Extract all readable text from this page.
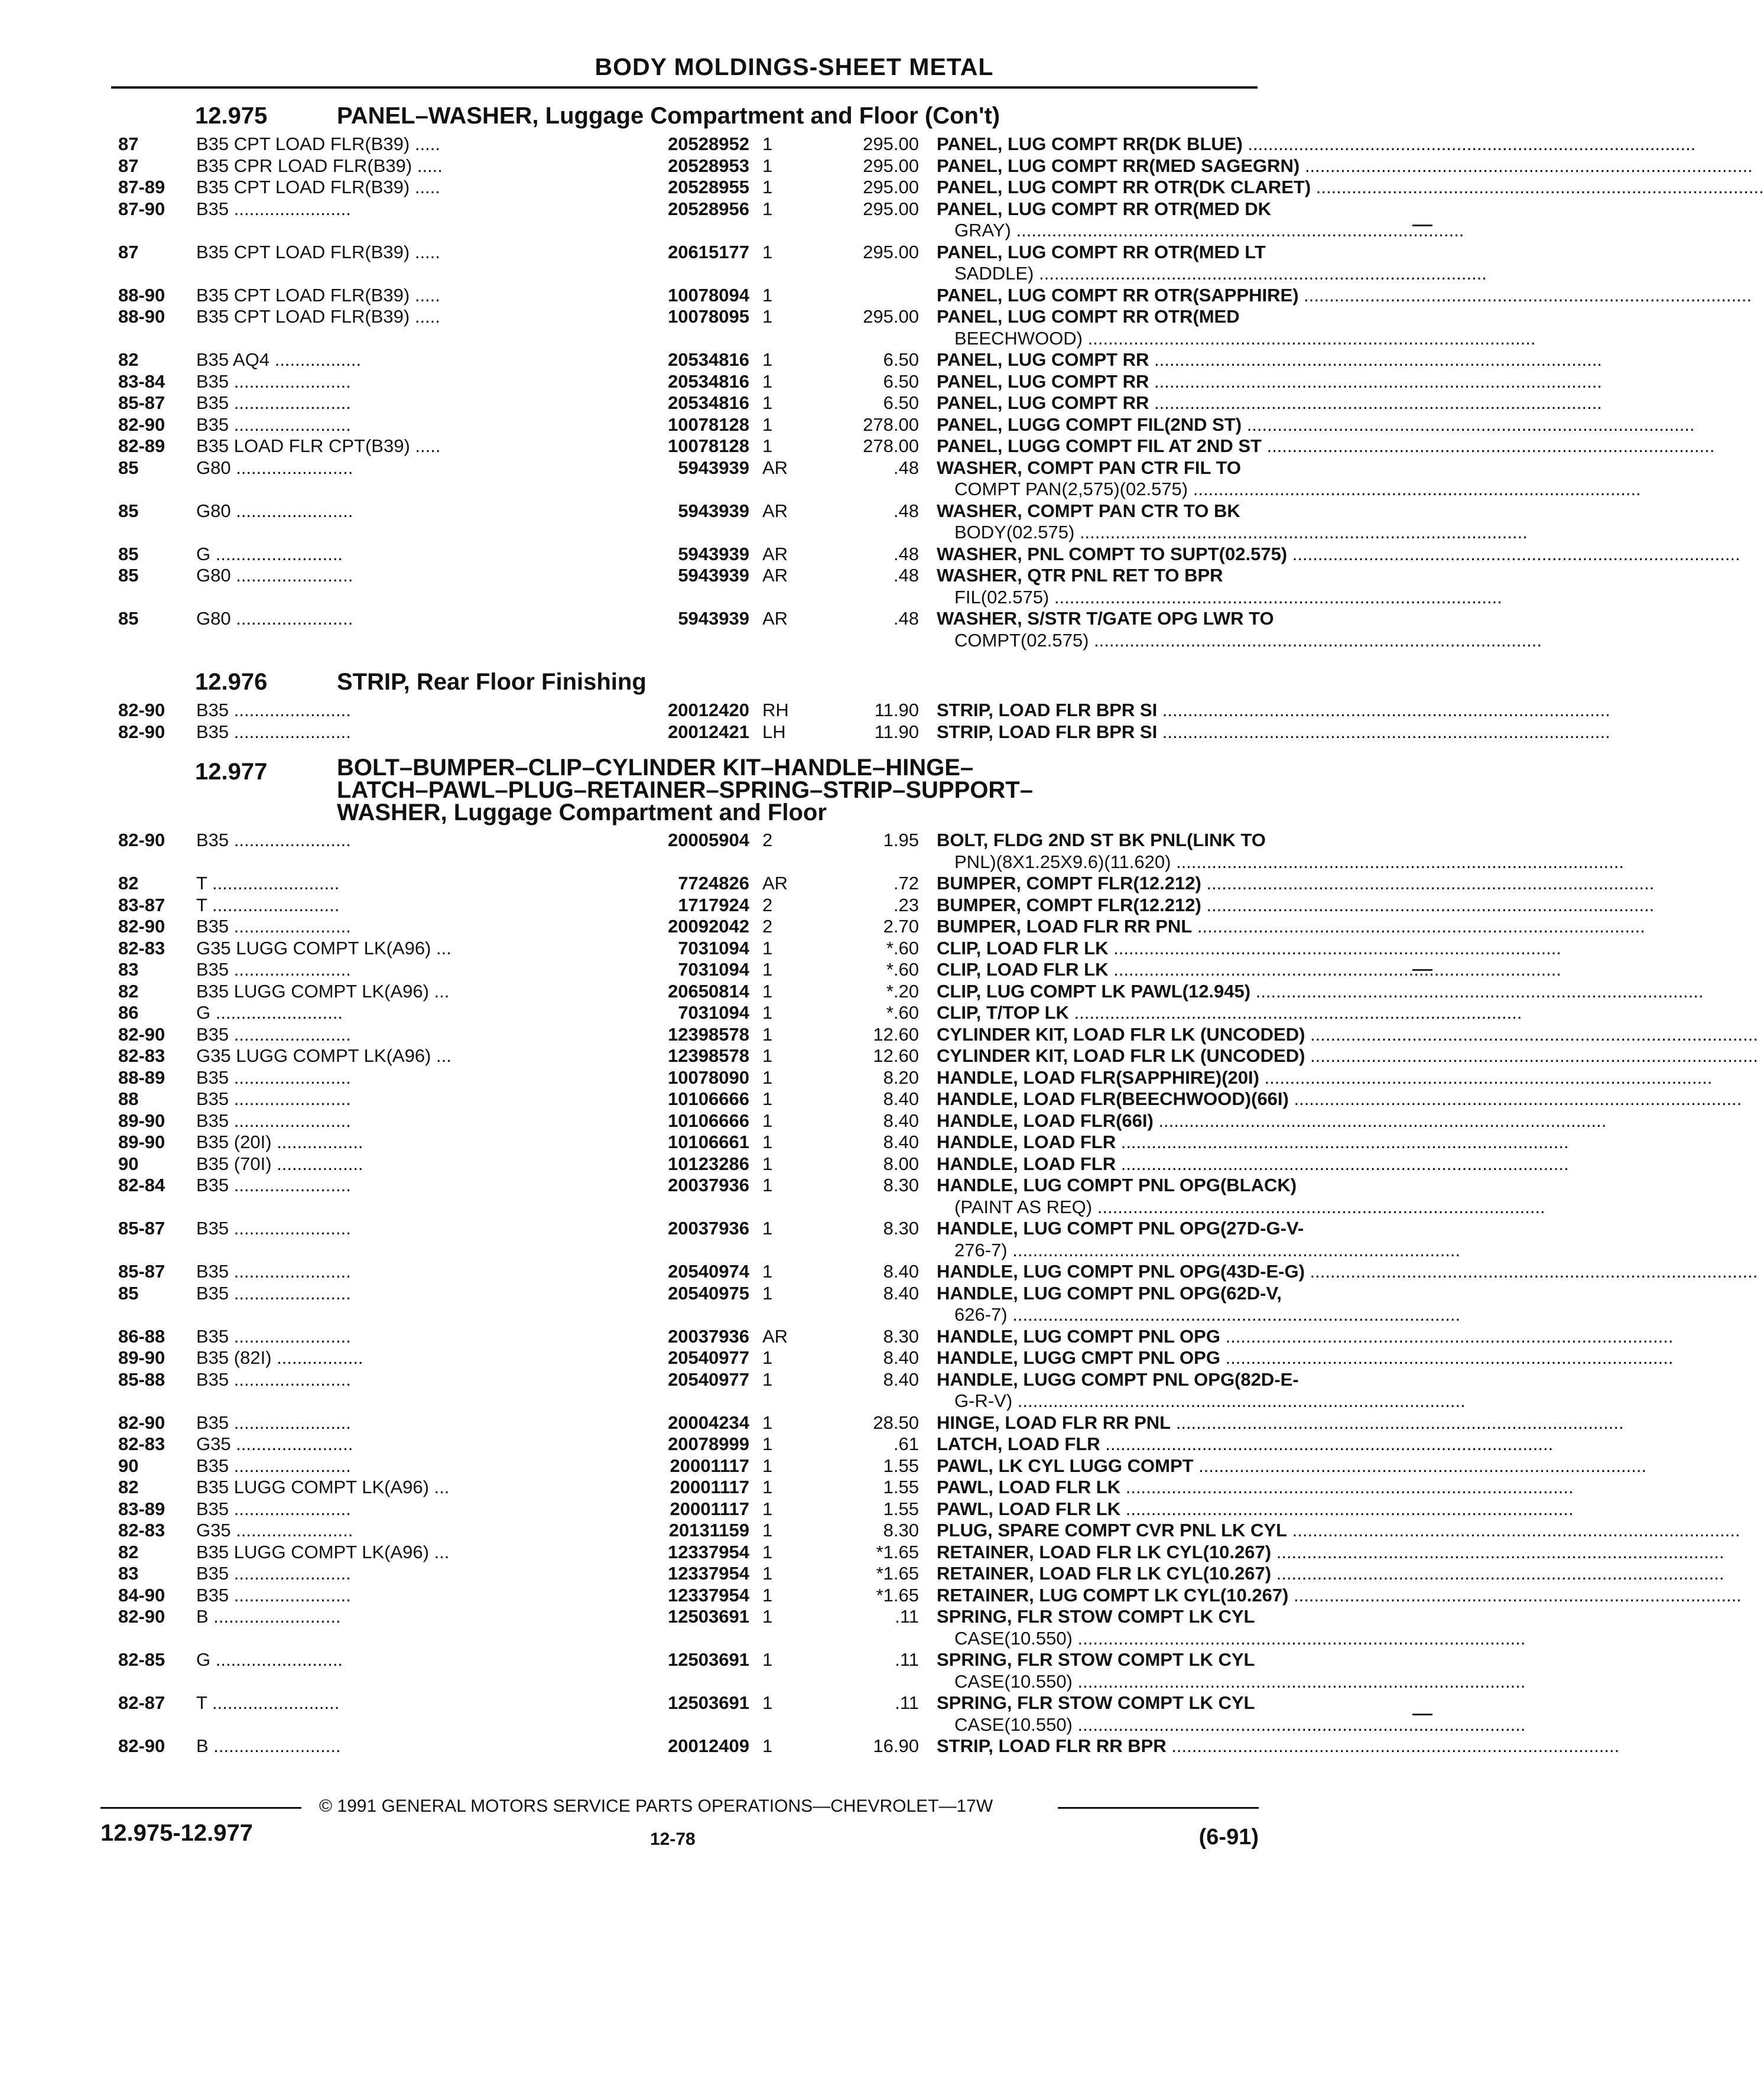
BODY MOLDINGS-SHEET METAL
12.975	PANEL–WASHER, Luggage Compartment and Floor (Con't)
87	B35 CPT LOAD FLR(B39) .....	20528952 1	295.00 PANEL, LUG COMPT RR(DK BLUE) .....
87	B35 CPR LOAD FLR(B39) .....	20528953 1	295.00 PANEL, LUG COMPT RR(MED SAGEGRN) .....
87-89	B35 CPT LOAD FLR(B39) .....	20528955 1	295.00 PANEL, LUG COMPT RR OTR(DK CLARET) .....
87-90	B35 .......................	20528956 1	295.00 PANEL, LUG COMPT RR OTR(MED DK
GRAY) .....
87	B35 CPT LOAD FLR(B39) .....	20615177 1	295.00 PANEL, LUG COMPT RR OTR(MED LT
SADDLE) .....
88-90	B35 CPT LOAD FLR(B39) .....	10078094 1	PANEL, LUG COMPT RR OTR(SAPPHIRE) .....
88-90	B35 CPT LOAD FLR(B39) .....	10078095 1	295.00 PANEL, LUG COMPT RR OTR(MED
BEECHWOOD) .....
82	B35 AQ4 .................	20534816 1	6.50 PANEL, LUG COMPT RR .....
83-84	B35 .......................	20534816 1	6.50 PANEL, LUG COMPT RR .....
85-87	B35 .......................	20534816 1	6.50 PANEL, LUG COMPT RR .....
82-90	B35 .......................	10078128 1	278.00 PANEL, LUGG COMPT FIL(2ND ST) .....
82-89	B35 LOAD FLR CPT(B39) .....	10078128 1	278.00 PANEL, LUGG COMPT FIL AT 2ND ST .....
85	G80 .......................	5943939 AR	.48 WASHER, COMPT PAN CTR FIL TO
COMPT PAN(2,575)(02.575) .....
85	G80 .......................	5943939 AR	.48 WASHER, COMPT PAN CTR TO BK
BODY(02.575) .....
85	G .........................	5943939 AR	.48 WASHER, PNL COMPT TO SUPT(02.575) .....
85	G80 .......................	5943939 AR	.48 WASHER, QTR PNL RET TO BPR
FIL(02.575) .....
85	G80 .......................	5943939 AR	.48 WASHER, S/STR T/GATE OPG LWR TO
COMPT(02.575) .....
12.976	STRIP, Rear Floor Finishing
82-90	B35 .......................	20012420 RH	11.90 STRIP, LOAD FLR BPR SI .....
82-90	B35 .......................	20012421 LH	11.90 STRIP, LOAD FLR BPR SI .....
12.977	BOLT–BUMPER–CLIP–CYLINDER KIT–HANDLE–HINGE–
LATCH–PAWL–PLUG–RETAINER–SPRING–STRIP–SUPPORT–
WASHER, Luggage Compartment and Floor
82-90	B35 .......................	20005904 2	1.95 BOLT, FLDG 2ND ST BK PNL(LINK TO
PNL)(8X1.25X9.6)(11.620) .....
82	T .........................	7724826 AR	.72 BUMPER, COMPT FLR(12.212) .....
83-87	T .........................	1717924 2	.23 BUMPER, COMPT FLR(12.212) .....
82-90	B35 .......................	20092042 2	2.70 BUMPER, LOAD FLR RR PNL .....
82-83	G35 LUGG COMPT LK(A96) ...	7031094 1	*.60 CLIP, LOAD FLR LK .....
83	B35 .......................	7031094 1	*.60 CLIP, LOAD FLR LK .....
82	B35 LUGG COMPT LK(A96) ...	20650814 1	*.20 CLIP, LUG COMPT LK PAWL(12.945) .....
86	G .........................	7031094 1	*.60 CLIP, T/TOP LK .....
82-90	B35 .......................	12398578 1	12.60 CYLINDER KIT, LOAD FLR LK (UNCODED) .....
82-83	G35 LUGG COMPT LK(A96) ...	12398578 1	12.60 CYLINDER KIT, LOAD FLR LK (UNCODED) .....
88-89	B35 .......................	10078090 1	8.20 HANDLE, LOAD FLR(SAPPHIRE)(20I) .....
88	B35 .......................	10106666 1	8.40 HANDLE, LOAD FLR(BEECHWOOD)(66I) .....
89-90	B35 .......................	10106666 1	8.40 HANDLE, LOAD FLR(66I) .....
89-90	B35 (20I) .................	10106661 1	8.40 HANDLE, LOAD FLR .....
90	B35 (70I) .................	10123286 1	8.00 HANDLE, LOAD FLR .....
82-84	B35 .......................	20037936 1	8.30 HANDLE, LUG COMPT PNL OPG(BLACK)
(PAINT AS REQ) .....
85-87	B35 .......................	20037936 1	8.30 HANDLE, LUG COMPT PNL OPG(27D-G-V-
276-7) .....
85-87	B35 .......................	20540974 1	8.40 HANDLE, LUG COMPT PNL OPG(43D-E-G) .....
85	B35 .......................	20540975 1	8.40 HANDLE, LUG COMPT PNL OPG(62D-V,
626-7) .....
86-88	B35 .......................	20037936 AR	8.30 HANDLE, LUG COMPT PNL OPG .....
89-90	B35 (82I) .................	20540977 1	8.40 HANDLE, LUGG CMPT PNL OPG .....
85-88	B35 .......................	20540977 1	8.40 HANDLE, LUGG COMPT PNL OPG(82D-E-
G-R-V) .....
82-90	B35 .......................	20004234 1	28.50 HINGE, LOAD FLR RR PNL .....
82-83	G35 .......................	20078999 1	.61 LATCH, LOAD FLR .....
90	B35 .......................	20001117 1	1.55 PAWL, LK CYL LUGG COMPT .....
82	B35 LUGG COMPT LK(A96) ...	20001117 1	1.55 PAWL, LOAD FLR LK .....
83-89	B35 .......................	20001117 1	1.55 PAWL, LOAD FLR LK .....
82-83	G35 .......................	20131159 1	8.30 PLUG, SPARE COMPT CVR PNL LK CYL .....
82	B35 LUGG COMPT LK(A96) ...	12337954 1	*1.65 RETAINER, LOAD FLR LK CYL(10.267) .....
83	B35 .......................	12337954 1	*1.65 RETAINER, LOAD FLR LK CYL(10.267) .....
84-90	B35 .......................	12337954 1	*1.65 RETAINER, LUG COMPT LK CYL(10.267) .....
82-90	B .........................	12503691 1	.11 SPRING, FLR STOW COMPT LK CYL
CASE(10.550) .....
82-85	G .........................	12503691 1	.11 SPRING, FLR STOW COMPT LK CYL
CASE(10.550) .....
82-87	T .........................	12503691 1	.11 SPRING, FLR STOW COMPT LK CYL
CASE(10.550) .....
82-90	B .........................	20012409 1	16.90 STRIP, LOAD FLR RR BPR .....
© 1991 GENERAL MOTORS SERVICE PARTS OPERATIONS—CHEVROLET—17W
12.975-12.977	12-78	(6-91)
